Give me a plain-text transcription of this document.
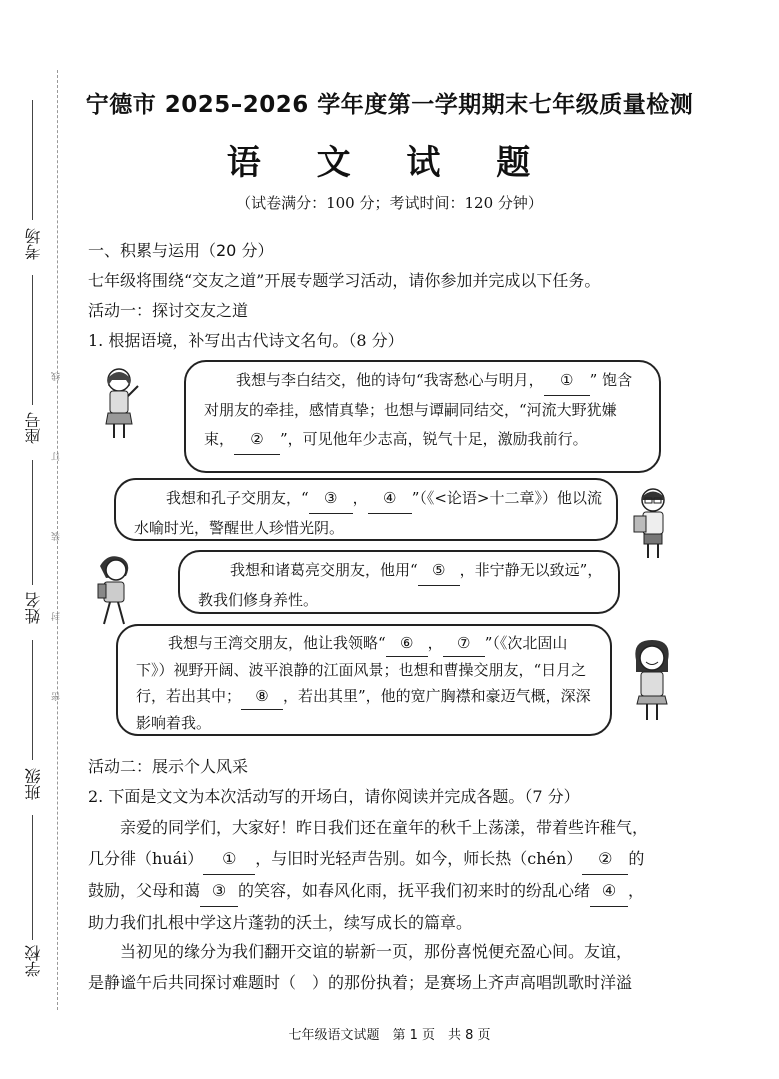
考场
座号
姓名
班级
学校
线
订
装
封
密
宁德市 2025–2026 学年度第一学期期末七年级质量检测
语 文 试 题
（试卷满分：100 分；考试时间：120 分钟）
一、积累与运用（20 分）
七年级将围绕“交友之道”开展专题学习活动，请你参加并完成以下任务。
活动一：探讨交友之道
1. 根据语境，补写出古代诗文名句。（8 分）
我想与李白结交，他的诗句“我寄愁心与明月， ① ” 饱含对朋友的牵挂，感情真挚；也想与谭嗣同结交，“河流大野犹嫌束， ② ”，可见他年少志高，锐气十足，激励我前行。
我想和孔子交朋友，“ ③ ， ④ ”（《<论语>十二章》）他以流水喻时光，警醒世人珍惜光阴。
我想和诸葛亮交朋友，他用“ ⑤ ，非宁静无以致远”，教我们修身养性。
我想与王湾交朋友，他让我领略“ ⑥ ， ⑦ ”（《次北固山下》）视野开阔、波平浪静的江面风景；也想和曹操交朋友，“日月之行，若出其中； ⑧ ，若出其里”，他的宽广胸襟和豪迈气概，深深影响着我。
活动二：展示个人风采
2. 下面是文文为本次活动写的开场白，请你阅读并完成各题。（7 分）
亲爱的同学们，大家好！昨日我们还在童年的秋千上荡漾，带着些许稚气，
几分徘（huái） ① ，与旧时光轻声告别。如今，师长热（chén） ② 的
鼓励，父母和蔼 ③ 的笑容，如春风化雨，抚平我们初来时的纷乱心绪 ④ ，
助力我们扎根中学这片蓬勃的沃土，续写成长的篇章。
当初见的缘分为我们翻开交谊的崭新一页，那份喜悦便充盈心间。友谊，
是静谧午后共同探讨难题时（　）的那份执着；是赛场上齐声高唱凯歌时洋溢
七年级语文试题　第 1 页　共 8 页
